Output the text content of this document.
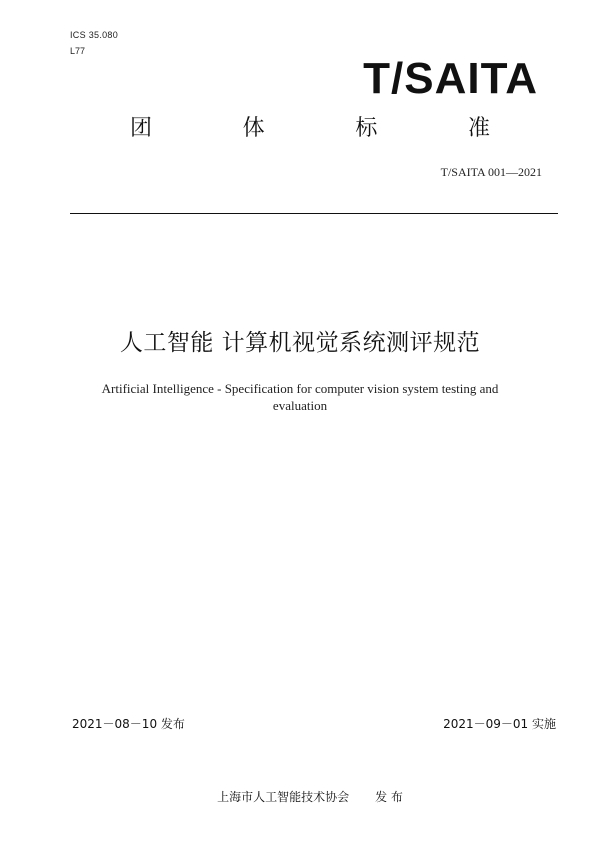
ICS 35.080
L77
T/SAITA
团	体	标	准
T/SAITA 001—2021
人工智能 计算机视觉系统测评规范
Artificial Intelligence - Specification for computer vision system testing and
evaluation
2021－08－10 发布	2021－09－01 实施
上海市人工智能技术协会 发 布
